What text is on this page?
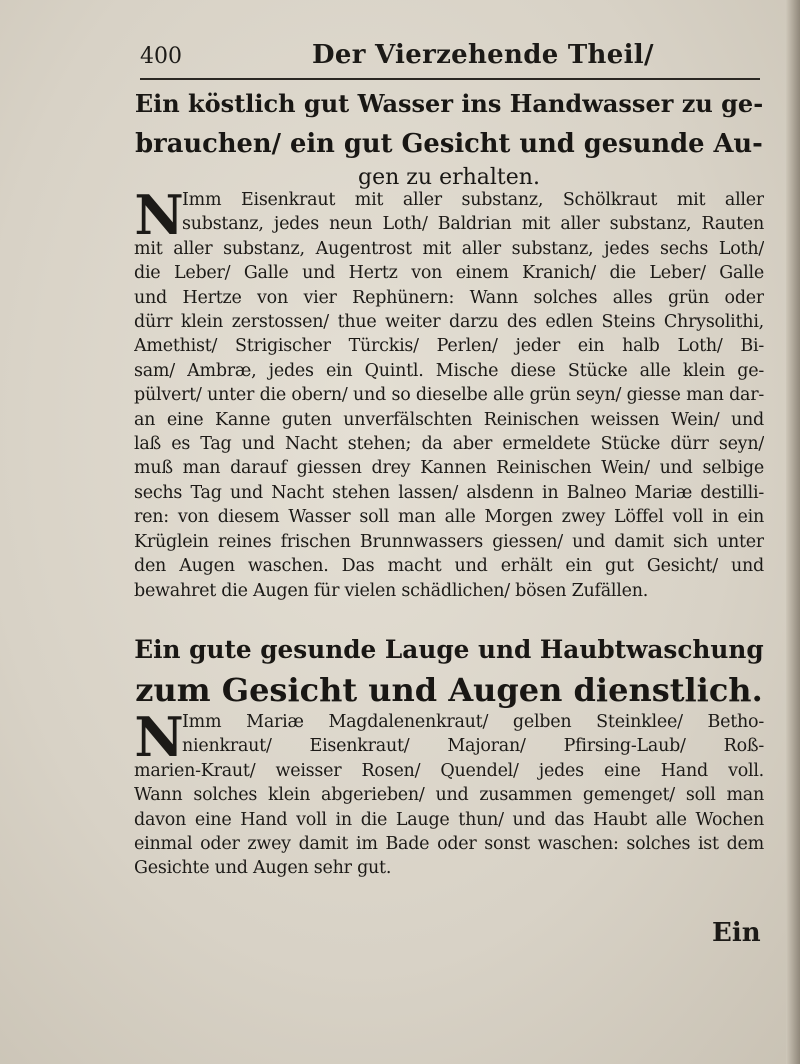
400	Der Vierzehende Theil/
Ein köstlich gut Wasser ins Handwasser zu ge-
brauchen/ ein gut Gesicht und gesunde Au-
gen zu erhalten.
N
Imm Eisenkraut mit aller substanz, Schölkraut mit aller
substanz, jedes neun Loth/ Baldrian mit aller substanz, Rauten
mit aller substanz, Augentrost mit aller substanz, jedes sechs Loth/
die Leber/ Galle und Hertz von einem Kranich/ die Leber/ Galle
und Hertze von vier Rephünern: Wann solches alles grün oder
dürr klein zerstossen/ thue weiter darzu des edlen Steins Chrysolithi,
Amethist/ Strigischer Türckis/ Perlen/ jeder ein halb Loth/ Bi-
sam/ Ambræ, jedes ein Quintl. Mische diese Stücke alle klein ge-
pülvert/ unter die obern/ und so dieselbe alle grün seyn/ giesse man dar-
an eine Kanne guten unverfälschten Reinischen weissen Wein/ und
laß es Tag und Nacht stehen; da aber ermeldete Stücke dürr seyn/
muß man darauf giessen drey Kannen Reinischen Wein/ und selbige
sechs Tag und Nacht stehen lassen/ alsdenn in Balneo Mariæ destilli-
ren: von diesem Wasser soll man alle Morgen zwey Löffel voll in ein
Krüglein reines frischen Brunnwassers giessen/ und damit sich unter
den Augen waschen. Das macht und erhält ein gut Gesicht/ und
bewahret die Augen für vielen schädlichen/ bösen Zufällen.
Ein gute gesunde Lauge und Haubtwaschung
zum Gesicht und Augen dienstlich.
N
Imm Mariæ Magdalenenkraut/ gelben Steinklee/ Betho-
nienkraut/ Eisenkraut/ Majoran/ Pfirsing-Laub/ Roß-
marien-Kraut/ weisser Rosen/ Quendel/ jedes eine Hand voll.
Wann solches klein abgerieben/ und zusammen gemenget/ soll man
davon eine Hand voll in die Lauge thun/ und das Haubt alle Wochen
einmal oder zwey damit im Bade oder sonst waschen: solches ist dem
Gesichte und Augen sehr gut.
Ein
